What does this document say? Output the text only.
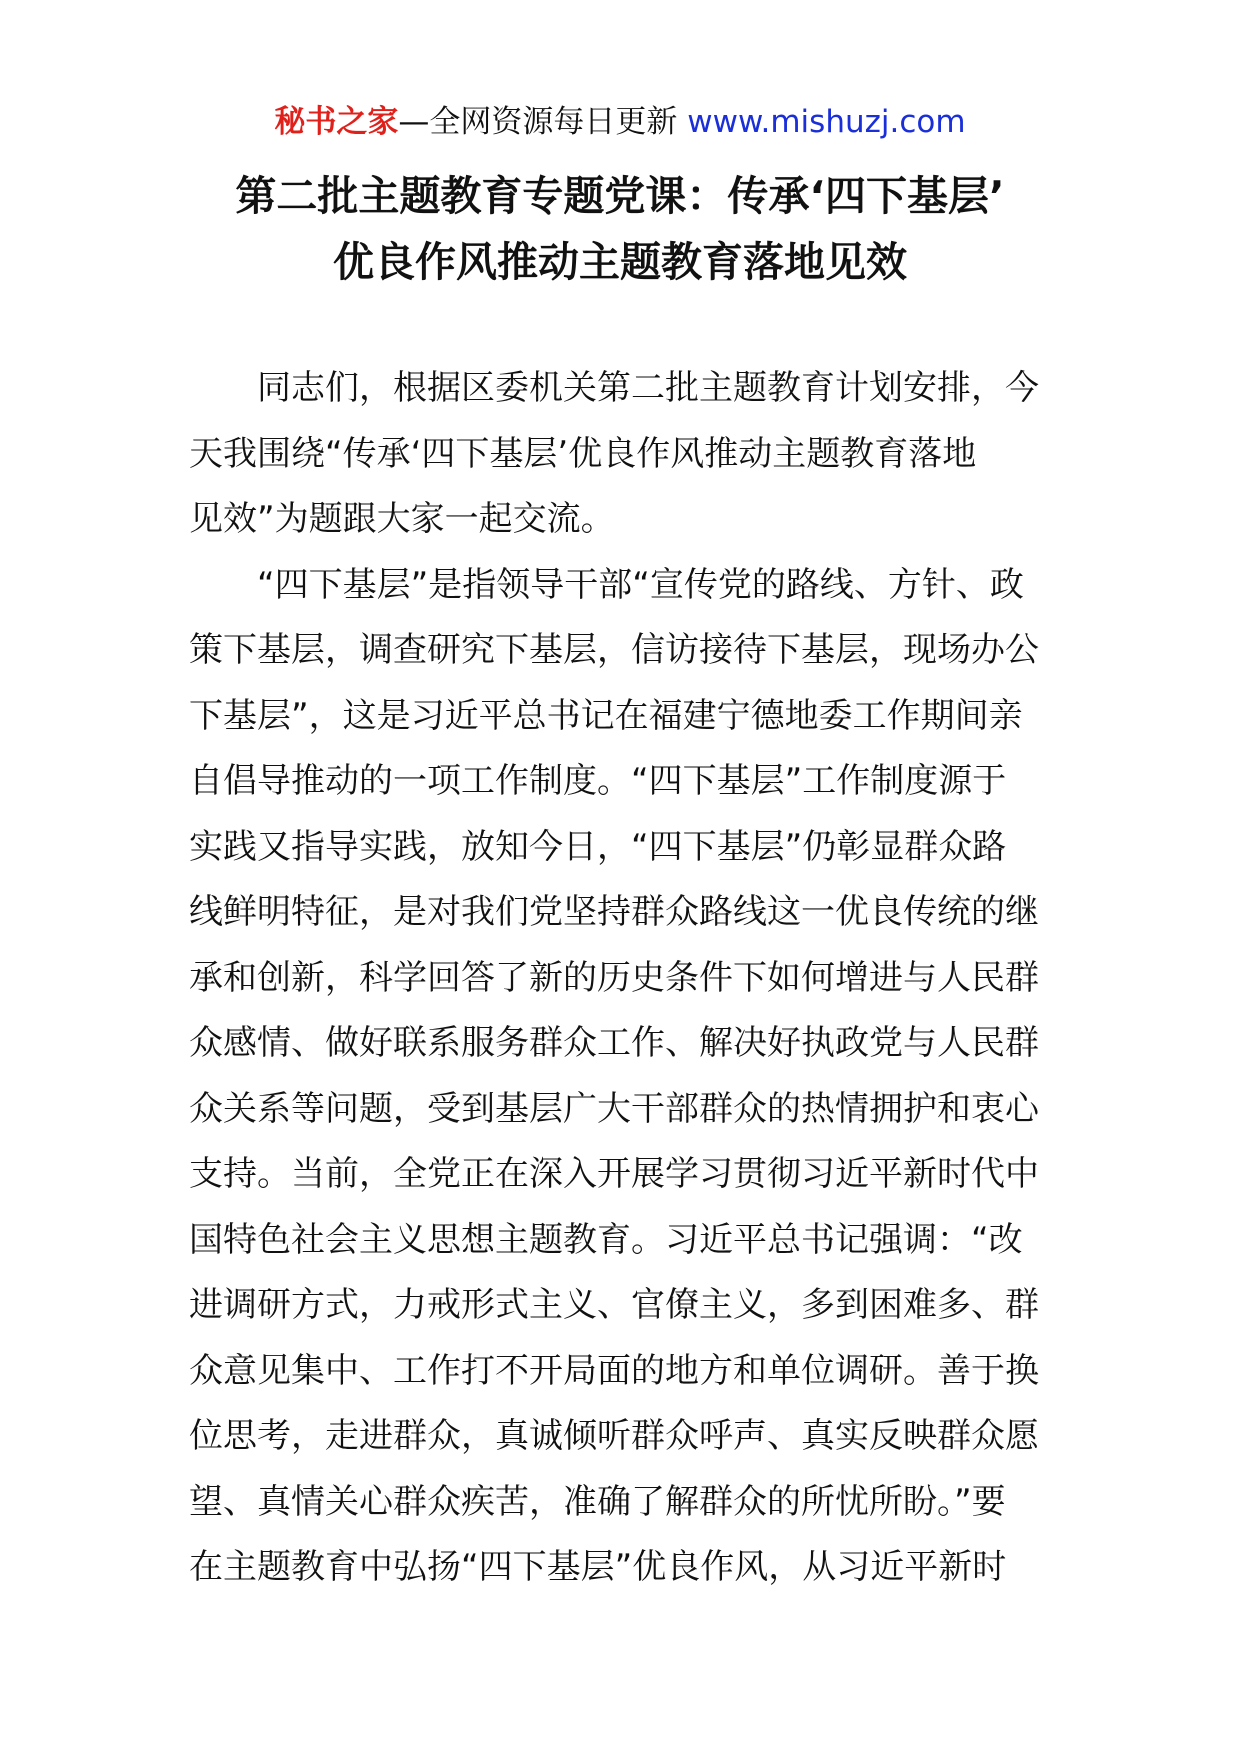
秘书之家—全网资源每日更新 www.mishuzj.com
第二批主题教育专题党课：传承‘四下基层’
优良作风推动主题教育落地见效
　　同志们，根据区委机关第二批主题教育计划安排，今
天我围绕“传承‘四下基层’优良作风推动主题教育落地
见效”为题跟大家一起交流。
　　“四下基层”是指领导干部“宣传党的路线、方针、政
策下基层，调查研究下基层，信访接待下基层，现场办公
下基层”，这是习近平总书记在福建宁德地委工作期间亲
自倡导推动的一项工作制度。“四下基层”工作制度源于
实践又指导实践，放知今日，“四下基层”仍彰显群众路
线鲜明特征，是对我们党坚持群众路线这一优良传统的继
承和创新，科学回答了新的历史条件下如何增进与人民群
众感情、做好联系服务群众工作、解决好执政党与人民群
众关系等问题，受到基层广大干部群众的热情拥护和衷心
支持。当前，全党正在深入开展学习贯彻习近平新时代中
国特色社会主义思想主题教育。习近平总书记强调：“改
进调研方式，力戒形式主义、官僚主义，多到困难多、群
众意见集中、工作打不开局面的地方和单位调研。善于换
位思考，走进群众，真诚倾听群众呼声、真实反映群众愿
望、真情关心群众疾苦，准确了解群众的所忧所盼。”要
在主题教育中弘扬“四下基层”优良作风，从习近平新时
